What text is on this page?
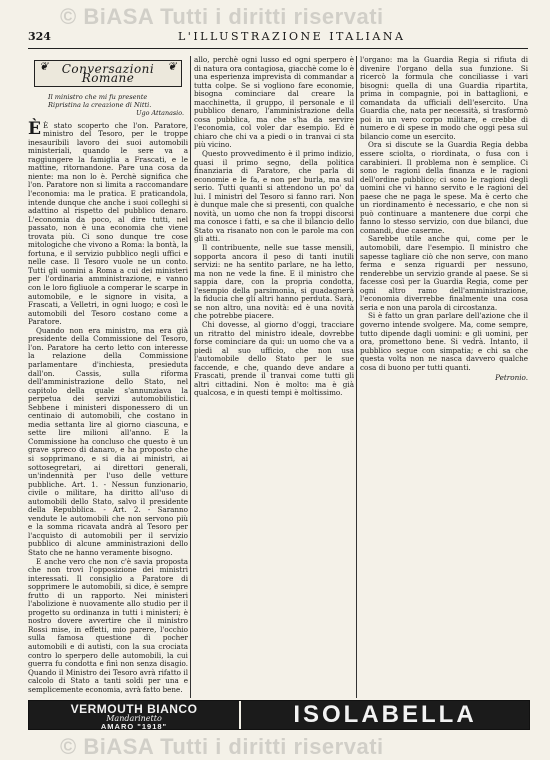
© BiASA Tutti i diritti riservati
324	L'ILLUSTRAZIONE ITALIANA
❦ Conversazioni Romane ❦
Il ministro che mi fu presente Ripristina la creazione di Nitti.
Ugo Attanasio.

È È stato scoperto che l'on. Paratore, ministro del Tesoro, per le troppe inesauribili lavoro dei suoi automobili ministeriali, quando le sere va a raggiungere la famiglia a Frascati, e le mattine, ritornandone. Pare una cosa da niente: ma non lo è. Perchè significa che l'on. Paratore non si limita a raccomandare l'economia: ma le pratica. E praticandola, intende dunque che anche i suoi colleghi si adattino al rispetto del pubblico denaro. L'economia da poco, al dire tutti, nel passato, non è una economia che viene trovata più. Ci sono dunque tre cose mitologiche che vivono a Roma: la bontà, la fortuna, e il servizio pubblico negli uffici e nelle case. Il Tesoro vuole ne un conto. Tutti gli uomini a Roma a cui dei ministeri per l'ordinaria amministrazione, e vanno con le loro figliuole a comperar le scarpe in automobile, e le signore in visita, a Frascati, a Velletri, in ogni luogo; e così le automobili del Tesoro costano come a Paratore.

Quando non era ministro, ma era già presidente della Commissione del Tesoro, l'on. Paratore ha certo letto con interesse la relazione della Commissione parlamentare d'inchiesta, presieduta dall'on. Cassis, sulla riforma dell'amministrazione dello Stato, nel capitolo della quale s'annunziava la perpetua dei servizi automobilistici. Sebbene i ministeri disponessero di un centinaio di automobili, che costano in media settanta lire al giorno ciascuna, e sette lire milioni all'anno. E la Commissione ha concluso che questo è un grave spreco di danaro, e ha proposto che si sopprimano, e si dia ai ministri, ai sottosegretari, ai direttori generali, un'indennità per l'uso delle vetture pubbliche. Art. 1. - Nessun funzionario, civile o militare, ha diritto all'uso di automobili dello Stato, salvo il presidente della Repubblica. - Art. 2. - Saranno vendute le automobili che non servono più e la somma ricavata andrà al Tesoro per l'acquisto di automobili per il servizio pubblico di alcune amministrazioni dello Stato che ne hanno veramente bisogno.

E anche vero che non c'è savia proposta che non trovi l'opposizione dei ministri interessati. Il consiglio a Paratore di sopprimere le automobili, si dice, è sempre frutto di un rapporto. Nei ministeri l'abolizione è nuovamente allo studio per il progetto su ordinanza in tutti i ministeri; è nostro dovere avvertire che il ministro Rossi mise, in effetti, mio parere, l'occhio sulla famosa questione di pocher automobili e di autisti, con la sua crociata contro lo sperpero delle automobili, la cui guerra fu condotta e finì non senza disagio. Quando il Ministro dei Tesoro avrà rifatto il calcolo di Stato a tanti soldi per una e semplicemente economia, avrà fatto bene.

allo, perchè ogni lusso ed ogni sperpero è di natura ora contagiosa, giacchè come lo è una esperienza imprevista di commandar a tutta colpe. Se si vogliono fare economie, bisogna cominciare dal creare la macchinetta, il gruppo, il personale e il pubblico denaro, l'amministrazione della cosa pubblica, ma che s'ha da servire l'economia, col voler dar esempio. Ed è chiaro che chi va a piedi o in tranvai ci sta più vicino.

Questo provvedimento è il primo indizio, quasi il primo segno, della politica finanziaria di Paratore, che parla di economie e le fa, e non per burla, ma sul serio. Tutti quanti si attendono un po' da lui. I ministri del Tesoro si fanno rari. Non è dunque male che si presenti, con qualche novità, un uomo che non fa troppi discorsi ma conosce i fatti, e sa che il bilancio dello Stato va risanato non con le parole ma con gli atti.

Il contribuente, nelle sue tasse mensili, sopporta ancora il peso di tanti inutili servizi: ne ha sentito parlare, ne ha letto, ma non ne vede la fine. E il ministro che sappia dare, con la propria condotta, l'esempio della parsimonia, si guadagnerà la fiducia che gli altri hanno perduta. Sarà, se non altro, una novità: ed è una novità che potrebbe piacere.

Chi dovesse, al giorno d'oggi, tracciare un ritratto del ministro ideale, dovrebbe forse cominciare da qui: un uomo che va a piedi al suo ufficio, che non usa l'automobile dello Stato per le sue faccende, e che, quando deve andare a Frascati, prende il tranvai come tutti gli altri cittadini. Non è molto: ma è già qualcosa, e in questi tempi è moltissimo.

l'organo: ma la Guardia Regia si rifiuta di divenire l'organo della sua funzione. Si ricercò la formula che conciliasse i vari bisogni: quella di una Guardia ripartita, prima in compagnie, poi in battaglioni, e comandata da ufficiali dell'esercito. Una Guardia che, nata per necessità, si trasformò poi in un vero corpo militare, e crebbe di numero e di spese in modo che oggi pesa sul bilancio come un esercito.

Ora si discute se la Guardia Regia debba essere sciolta, o riordinata, o fusa con i carabinieri. Il problema non è semplice. Ci sono le ragioni della finanza e le ragioni dell'ordine pubblico; ci sono le ragioni degli uomini che vi hanno servito e le ragioni del paese che ne paga le spese. Ma è certo che un riordinamento è necessario, e che non si può continuare a mantenere due corpi che fanno lo stesso servizio, con due bilanci, due comandi, due caserme.

Sarebbe utile anche qui, come per le automobili, dare l'esempio. Il ministro che sapesse tagliare ciò che non serve, con mano ferma e senza riguardi per nessuno, renderebbe un servizio grande al paese. Se si facesse così per la Guardia Regia, come per ogni altro ramo dell'amministrazione, l'economia diverrebbe finalmente una cosa seria e non una parola di circostanza.

Si è fatto un gran parlare dell'azione che il governo intende svolgere. Ma, come sempre, tutto dipende dagli uomini: e gli uomini, per ora, promettono bene. Si vedrà. Intanto, il pubblico segue con simpatia; e chi sa che questa volta non ne nasca davvero qualche cosa di buono per tutti quanti.

Petronio.
VERMOUTH BIANCO
Mandarinetto
AMARO "1918"	ISOLABELLA
© BiASA Tutti i diritti riservati
